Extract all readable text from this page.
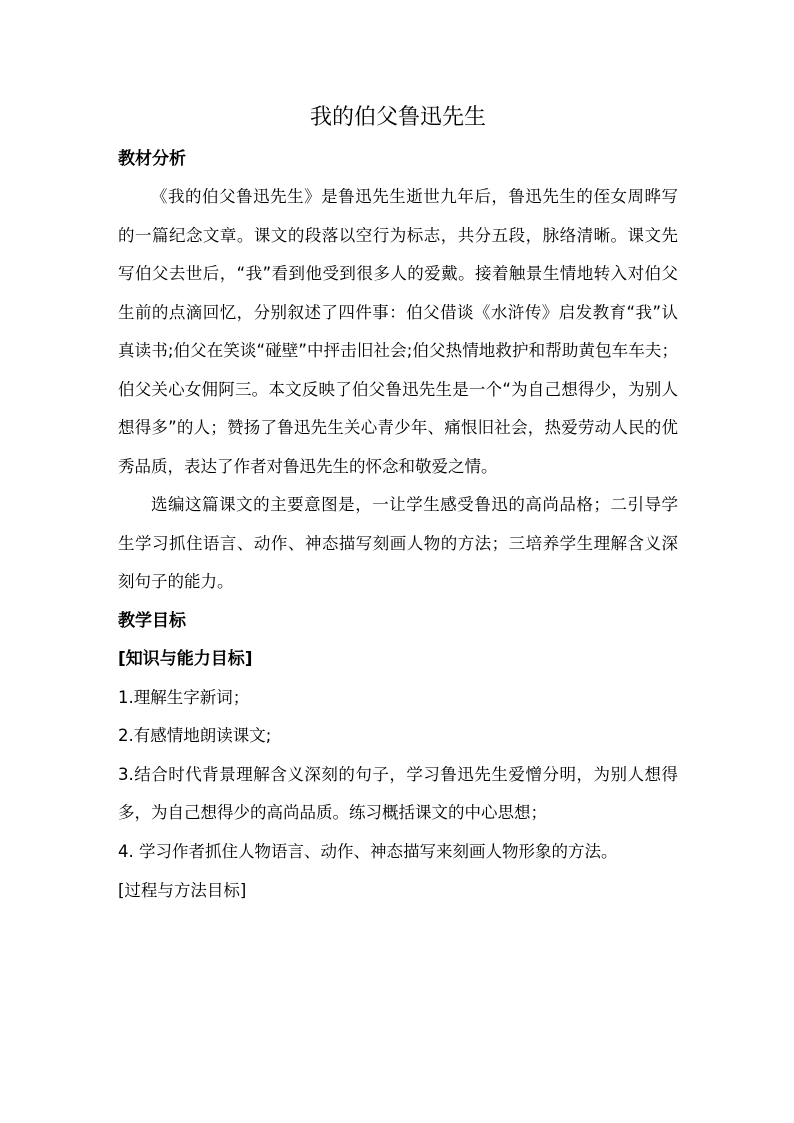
我的伯父鲁迅先生
教材分析

《我的伯父鲁迅先生》是鲁迅先生逝世九年后，鲁迅先生的侄女周晔写的一篇纪念文章。课文的段落以空行为标志，共分五段，脉络清晰。课文先写伯父去世后，“我”看到他受到很多人的爱戴。接着触景生情地转入对伯父生前的点滴回忆，分别叙述了四件事：伯父借谈《水浒传》启发教育“我”认真读书;伯父在笑谈“碰壁”中抨击旧社会;伯父热情地救护和帮助黄包车车夫；伯父关心女佣阿三。本文反映了伯父鲁迅先生是一个“为自己想得少，为别人想得多”的人；赞扬了鲁迅先生关心青少年、痛恨旧社会，热爱劳动人民的优秀品质，表达了作者对鲁迅先生的怀念和敬爱之情。

选编这篇课文的主要意图是，一让学生感受鲁迅的高尚品格；二引导学生学习抓住语言、动作、神态描写刻画人物的方法；三培养学生理解含义深刻句子的能力。

教学目标

[知识与能力目标]

1.理解生字新词；

2.有感情地朗读课文;

3.结合时代背景理解含义深刻的句子，学习鲁迅先生爱憎分明，为别人想得多，为自己想得少的高尚品质。练习概括课文的中心思想；

4. 学习作者抓住人物语言、动作、神态描写来刻画人物形象的方法。

[过程与方法目标]
